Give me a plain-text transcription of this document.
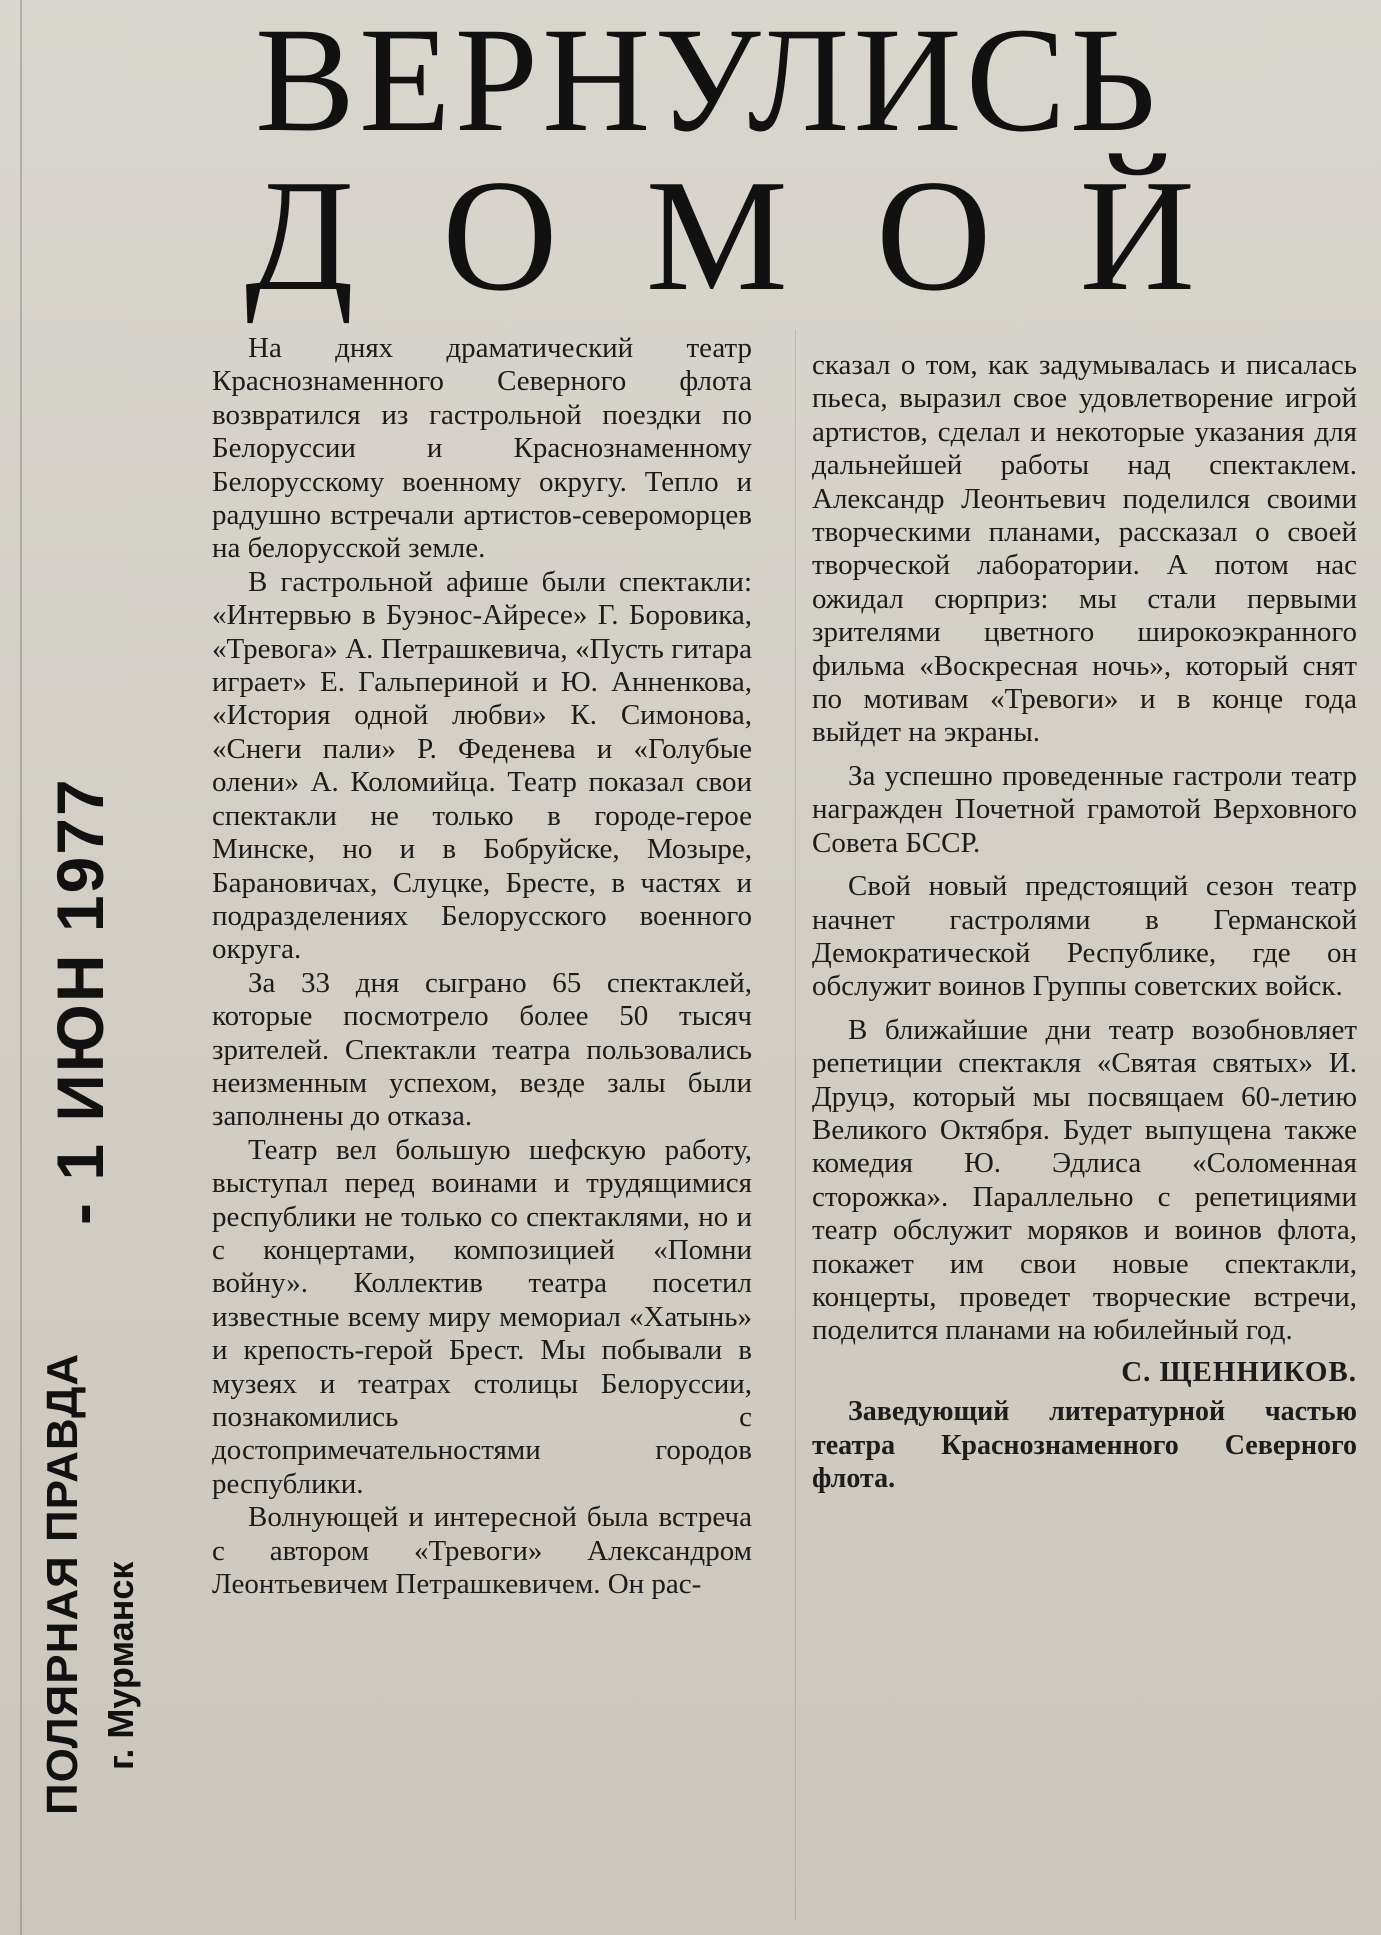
ВЕРНУЛИСЬ
ДОМОЙ
- 1 ИЮН 1977
ПОЛЯРНАЯ ПРАВДА г. Мурманск

На днях драматический театр Краснознаменного Северного флота возвратился из гастрольной поездки по Белоруссии и Краснознаменному Белорусскому военному округу. Тепло и радушно встречали артистов-североморцев на белорусской земле.

В гастрольной афише были спектакли: «Интервью в Буэнос-Айресе» Г. Боровика, «Тревога» А. Петрашкевича, «Пусть гитара играет» Е. Гальпериной и Ю. Анненкова, «История одной любви» К. Симонова, «Снеги пали» Р. Феденева и «Голубые олени» А. Коломийца. Театр показал свои спектакли не только в городе-герое Минске, но и в Бобруйске, Мозыре, Барановичах, Слуцке, Бресте, в частях и подразделениях Белорусского военного округа.

За 33 дня сыграно 65 спектаклей, которые посмотрело более 50 тысяч зрителей. Спектакли театра пользовались неизменным успехом, везде залы были заполнены до отказа.

Театр вел большую шефскую работу, выступал перед воинами и трудящимися республики не только со спектаклями, но и с концертами, композицией «Помни войну». Коллектив театра посетил известные всему миру мемориал «Хатынь» и крепость-герой Брест. Мы побывали в музеях и театрах столицы Белоруссии, познакомились с достопримечательностями городов республики.

Волнующей и интересной была встреча с автором «Тревоги» Александром Леонтьевичем Петрашкевичем. Он рас-

сказал о том, как задумывалась и писалась пьеса, выразил свое удовлетворение игрой артистов, сделал и некоторые указания для дальнейшей работы над спектаклем. Александр Леонтьевич поделился своими творческими планами, рассказал о своей творческой лаборатории. А потом нас ожидал сюрприз: мы стали первыми зрителями цветного широкоэкранного фильма «Воскресная ночь», который снят по мотивам «Тревоги» и в конце года выйдет на экраны.

За успешно проведенные гастроли театр награжден Почетной грамотой Верховного Совета БССР.

Свой новый предстоящий сезон театр начнет гастролями в Германской Демократической Республике, где он обслужит воинов Группы советских войск.

В ближайшие дни театр возобновляет репетиции спектакля «Святая святых» И. Друцэ, который мы посвящаем 60-летию Великого Октября. Будет выпущена также комедия Ю. Эдлиса «Соломенная сторожка». Параллельно с репетициями театр обслужит моряков и воинов флота, покажет им свои новые спектакли, концерты, проведет творческие встречи, поделится планами на юбилейный год.

С. ЩЕННИКОВ.

Заведующий литературной частью театра Краснознаменного Северного флота.
